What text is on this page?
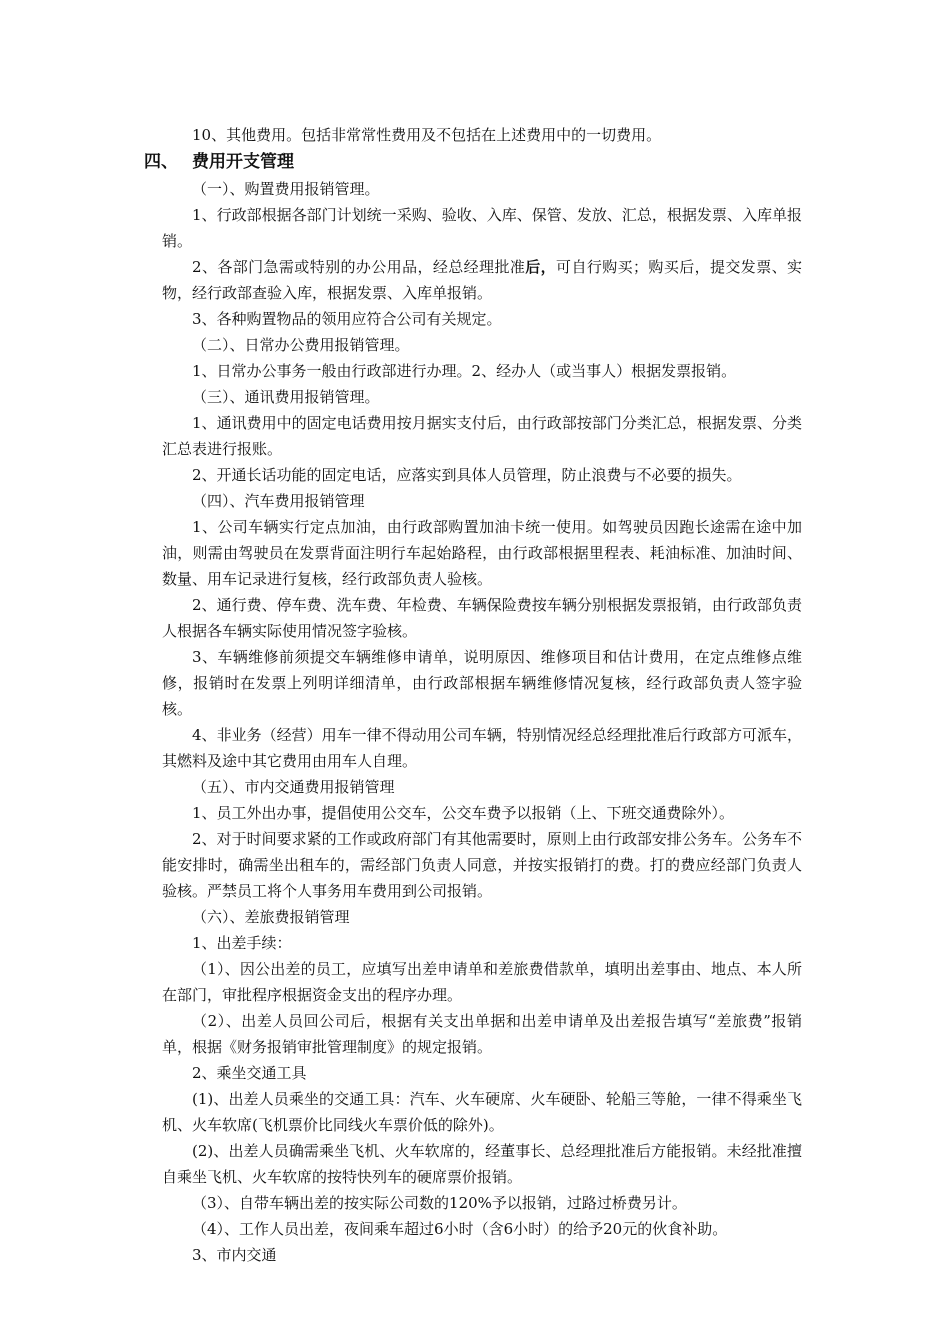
10、其他费用。包括非常常性费用及不包括在上述费用中的一切费用。

四、 费用开支管理

（一）、购置费用报销管理。

1、行政部根据各部门计划统一采购、验收、入库、保管、发放、汇总，根据发票、入库单报销。

2、各部门急需或特别的办公用品，经总经理批准后，可自行购买；购买后，提交发票、实物，经行政部查验入库，根据发票、入库单报销。

3、各种购置物品的领用应符合公司有关规定。

（二）、日常办公费用报销管理。

1、日常办公事务一般由行政部进行办理。2、经办人（或当事人）根据发票报销。

（三）、通讯费用报销管理。

1、通讯费用中的固定电话费用按月据实支付后，由行政部按部门分类汇总，根据发票、分类汇总表进行报账。

2、开通长话功能的固定电话，应落实到具体人员管理，防止浪费与不必要的损失。

（四）、汽车费用报销管理

1、公司车辆实行定点加油，由行政部购置加油卡统一使用。如驾驶员因跑长途需在途中加油，则需由驾驶员在发票背面注明行车起始路程，由行政部根据里程表、耗油标准、加油时间、数量、用车记录进行复核，经行政部负责人验核。

2、通行费、停车费、洗车费、年检费、车辆保险费按车辆分别根据发票报销，由行政部负责人根据各车辆实际使用情况签字验核。

3、车辆维修前须提交车辆维修申请单，说明原因、维修项目和估计费用，在定点维修点维修，报销时在发票上列明详细清单，由行政部根据车辆维修情况复核，经行政部负责人签字验核。

4、非业务（经营）用车一律不得动用公司车辆，特别情况经总经理批准后行政部方可派车，其燃料及途中其它费用由用车人自理。

（五）、市内交通费用报销管理

1、员工外出办事，提倡使用公交车，公交车费予以报销（上、下班交通费除外）。

2、对于时间要求紧的工作或政府部门有其他需要时，原则上由行政部安排公务车。公务车不能安排时，确需坐出租车的，需经部门负责人同意，并按实报销打的费。打的费应经部门负责人验核。严禁员工将个人事务用车费用到公司报销。

（六）、差旅费报销管理

1、出差手续：

（1）、因公出差的员工，应填写出差申请单和差旅费借款单，填明出差事由、地点、本人所在部门，审批程序根据资金支出的程序办理。

（2）、出差人员回公司后，根据有关支出单据和出差申请单及出差报告填写“差旅费”报销单，根据《财务报销审批管理制度》的规定报销。

2、乘坐交通工具

(1)、出差人员乘坐的交通工具：汽车、火车硬席、火车硬卧、轮船三等舱，一律不得乘坐飞机、火车软席(飞机票价比同线火车票价低的除外)。

(2)、出差人员确需乘坐飞机、火车软席的，经董事长、总经理批准后方能报销。未经批准擅自乘坐飞机、火车软席的按特快列车的硬席票价报销。

（3）、自带车辆出差的按实际公司数的120%予以报销，过路过桥费另计。

（4）、工作人员出差，夜间乘车超过6小时（含6小时）的给予20元的伙食补助。

3、市内交通
